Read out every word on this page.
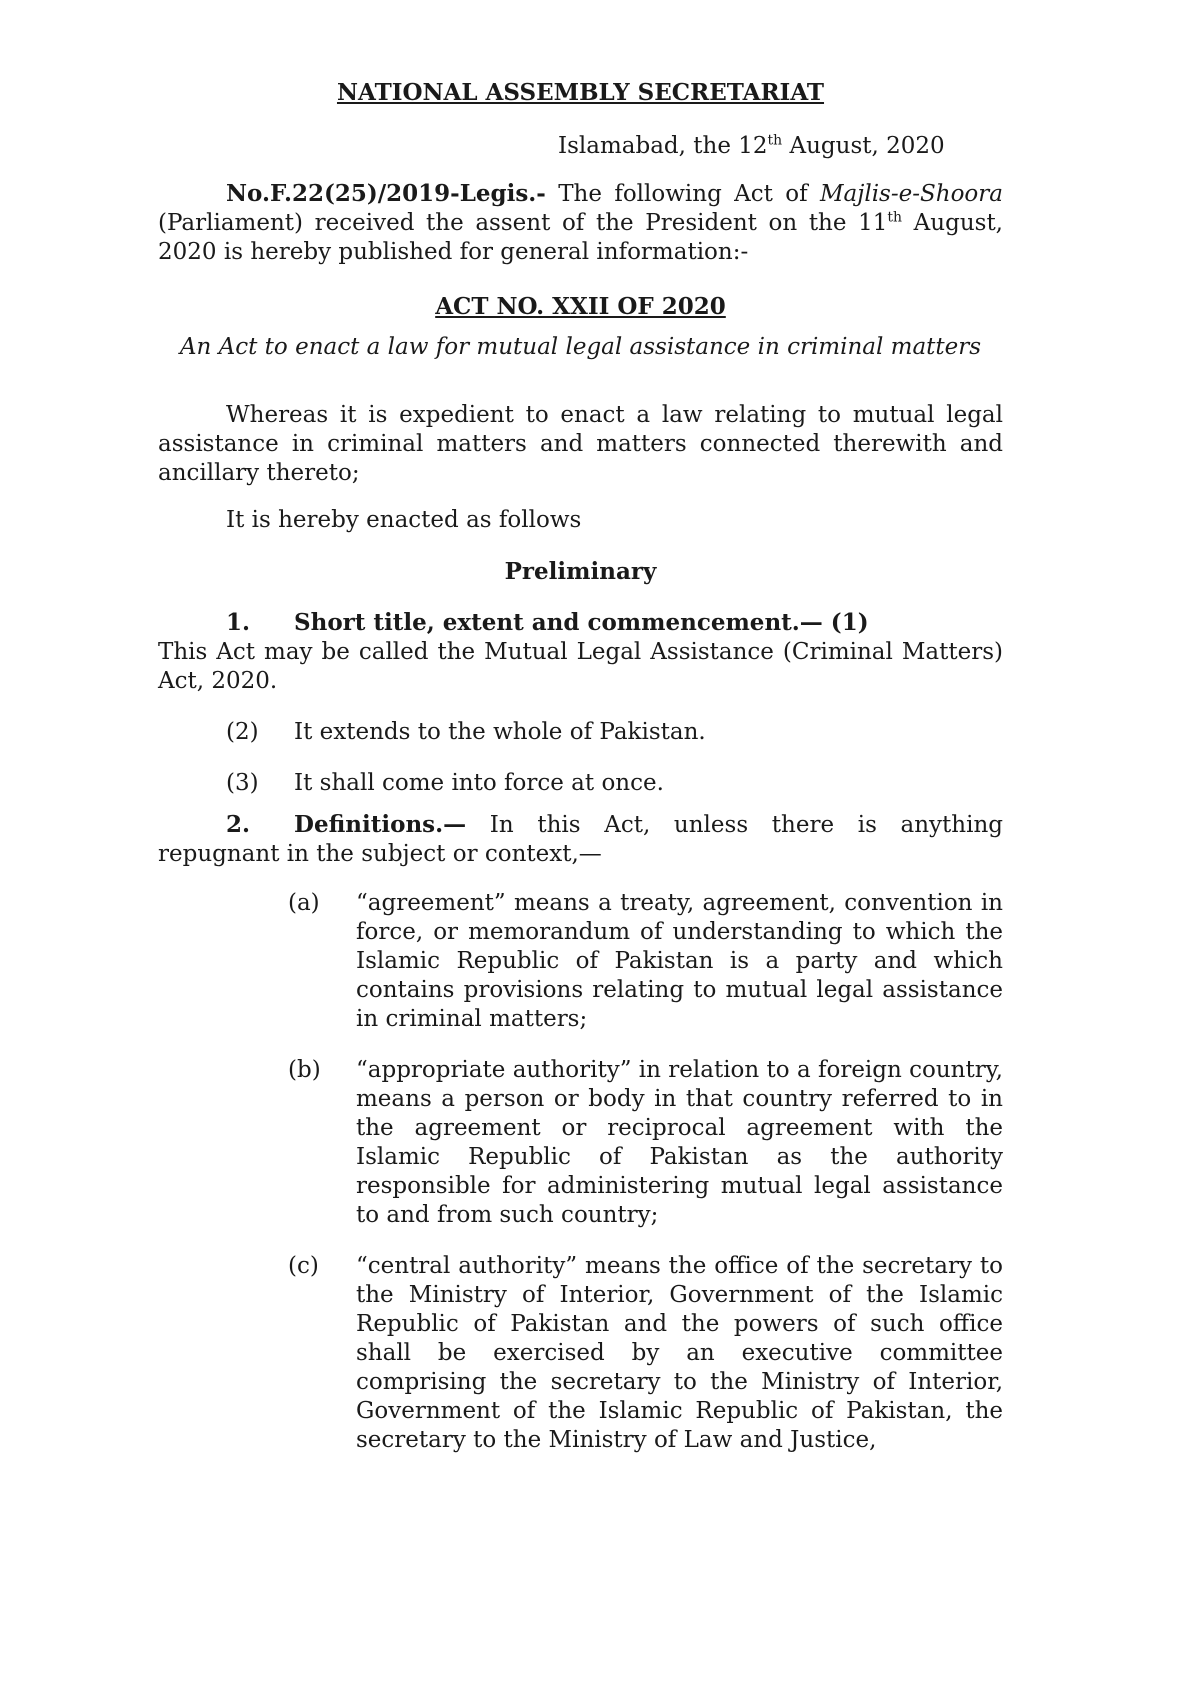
NATIONAL ASSEMBLY SECRETARIAT

Islamabad, the 12th August, 2020

No.F.22(25)/2019-Legis.- The following Act of Majlis-e-Shoora (Parliament) received the assent of the President on the 11th August, 2020 is hereby published for general information:-

ACT NO. XXII OF 2020

An Act to enact a law for mutual legal assistance in criminal matters

Whereas it is expedient to enact a law relating to mutual legal assistance in criminal matters and matters connected therewith and ancillary thereto;

It is hereby enacted as follows

Preliminary

1. Short title, extent and commencement.— (1)

This Act may be called the Mutual Legal Assistance (Criminal Matters) Act, 2020.

(2)	It extends to the whole of Pakistan.

(3)	It shall come into force at once.

2. Definitions.— In this Act, unless there is anything repugnant in the subject or context,—

(a)	“agreement” means a treaty, agreement, convention in force, or memorandum of understanding to which the Islamic Republic of Pakistan is a party and which contains provisions relating to mutual legal assistance in criminal matters;
(b)	“appropriate authority” in relation to a foreign country, means a person or body in that country referred to in the agreement or reciprocal agreement with the Islamic Republic of Pakistan as the authority responsible for administering mutual legal assistance to and from such country;
(c)	“central authority” means the office of the secretary to the Ministry of Interior, Government of the Islamic Republic of Pakistan and the powers of such office shall be exercised by an executive committee comprising the secretary to the Ministry of Interior, Government of the Islamic Republic of Pakistan, the secretary to the Ministry of Law and Justice,
